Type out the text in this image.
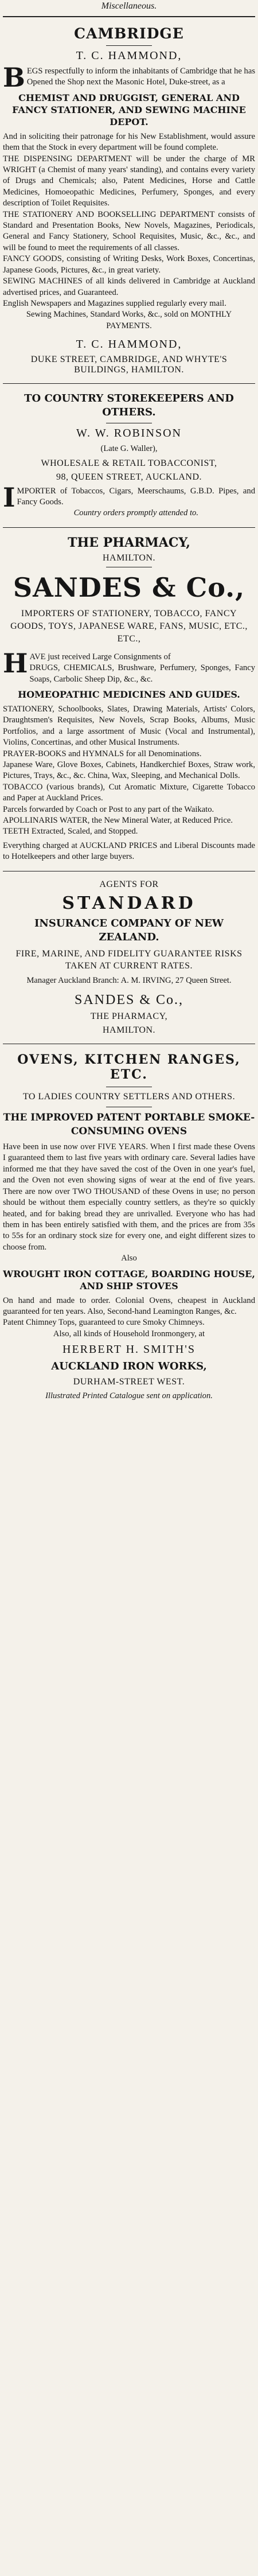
Miscellaneous.
CAMBRIDGE
T. C. HAMMOND,

BEGS respectfully to inform the inhabitants of Cambridge that he has Opened the Shop next the Masonic Hotel, Duke-street, as a

CHEMIST AND DRUGGIST, GENERAL AND FANCY STATIONER, AND SEWING MACHINE DEPOT.

And in soliciting their patronage for his New Establishment, would assure them that the Stock in every department will be found complete.

THE DISPENSING DEPARTMENT will be under the charge of MR WRIGHT (a Chemist of many years' standing), and contains every variety of Drugs and Chemicals; also, Patent Medicines, Horse and Cattle Medicines, Homoeopathic Medicines, Perfumery, Sponges, and every description of Toilet Requisites.

THE STATIONERY AND BOOKSELLING DEPARTMENT consists of Standard and Presentation Books, New Novels, Magazines, Periodicals, General and Fancy Stationery, School Requisites, Music, &c., &c., and will be found to meet the requirements of all classes.

FANCY GOODS, consisting of Writing Desks, Work Boxes, Concertinas, Japanese Goods, Pictures, &c., in great variety.

SEWING MACHINES of all kinds delivered in Cambridge at Auckland advertised prices, and Guaranteed.

English Newspapers and Magazines supplied regularly every mail.

Sewing Machines, Standard Works, &c., sold on MONTHLY PAYMENTS.

T. C. HAMMOND,
DUKE STREET, CAMBRIDGE, AND WHYTE'S BUILDINGS, HAMILTON.
TO COUNTRY STOREKEEPERS AND OTHERS.
W. W. ROBINSON
(Late G. Waller),
WHOLESALE & RETAIL TOBACCONIST,
98, QUEEN STREET, AUCKLAND.

IMPORTER of Tobaccos, Cigars, Meerschaums, G.B.D. Pipes, and Fancy Goods.

Country orders promptly attended to.

THE PHARMACY,
HAMILTON.
SANDES & Co.,
IMPORTERS OF STATIONERY, TOBACCO, FANCY GOODS, TOYS, JAPANESE WARE, FANS, MUSIC, ETC., ETC.,

HAVE just received Large Consignments of

DRUGS, CHEMICALS, Brushware, Perfumery, Sponges, Fancy Soaps, Carbolic Sheep Dip, &c., &c.

HOMEOPATHIC MEDICINES AND GUIDES.

STATIONERY, Schoolbooks, Slates, Drawing Materials, Artists' Colors, Draughtsmen's Requisites, New Novels, Scrap Books, Albums, Music Portfolios, and a large assortment of Music (Vocal and Instrumental), Violins, Concertinas, and other Musical Instruments.

PRAYER-BOOKS and HYMNALS for all Denominations.

Japanese Ware, Glove Boxes, Cabinets, Handkerchief Boxes, Straw work, Pictures, Trays, &c., &c. China, Wax, Sleeping, and Mechanical Dolls.

TOBACCO (various brands), Cut Aromatic Mixture, Cigarette Tobacco and Paper at Auckland Prices.

Parcels forwarded by Coach or Post to any part of the Waikato.

APOLLINARIS WATER, the New Mineral Water, at Reduced Price.

TEETH Extracted, Scaled, and Stopped.

Everything charged at AUCKLAND PRICES and Liberal Discounts made to Hotelkeepers and other large buyers.

AGENTS FOR
STANDARD
INSURANCE COMPANY OF NEW ZEALAND.
FIRE, MARINE, AND FIDELITY GUARANTEE RISKS TAKEN AT CURRENT RATES.

Manager Auckland Branch: A. M. IRVING, 27 Queen Street.

SANDES & Co.,
THE PHARMACY,
HAMILTON.
OVENS, KITCHEN RANGES, ETC.
TO LADIES COUNTRY SETTLERS AND OTHERS.
THE IMPROVED PATENT PORTABLE SMOKE-CONSUMING OVENS

Have been in use now over FIVE YEARS. When I first made these Ovens I guaranteed them to last five years with ordinary care. Several ladies have informed me that they have saved the cost of the Oven in one year's fuel, and the Oven not even showing signs of wear at the end of five years. There are now over TWO THOUSAND of these Ovens in use; no person should be without them especially country settlers, as they're so quickly heated, and for baking bread they are unrivalled. Everyone who has had them in has been entirely satisfied with them, and the prices are from 35s to 55s for an ordinary stock size for every one, and eight different sizes to choose from.

Also
WROUGHT IRON COTTAGE, BOARDING HOUSE, AND SHIP STOVES

On hand and made to order. Colonial Ovens, cheapest in Auckland guaranteed for ten years. Also, Second-hand Leamington Ranges, &c.

Patent Chimney Tops, guaranteed to cure Smoky Chimneys.

Also, all kinds of Household Ironmongery, at

HERBERT H. SMITH'S
AUCKLAND IRON WORKS,
DURHAM-STREET WEST.

Illustrated Printed Catalogue sent on application.
